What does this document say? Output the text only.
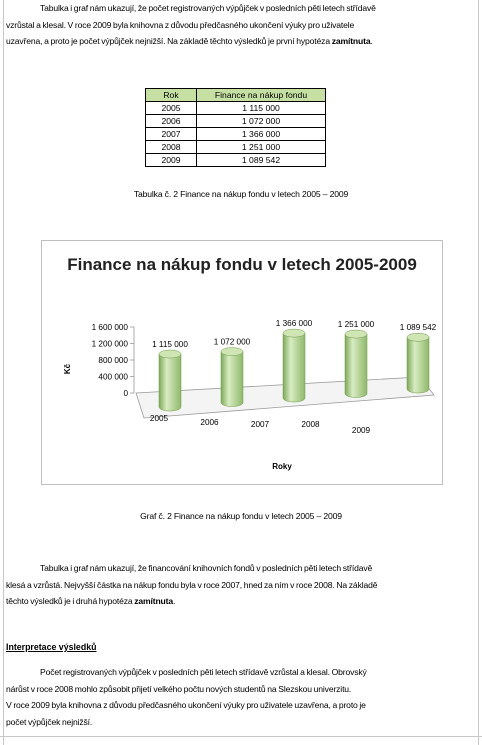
Tabulka i graf nám ukazují, že počet registrovaných výpůjček v posledních pěti letech střídavě
vzrůstal a klesal. V roce 2009 byla knihovna z důvodu předčasného ukončení výuky pro uživatele
uzavřena, a proto je počet výpůjček nejnižší. Na základě těchto výsledků je první hypotéza zamítnuta.
Rok	Finance na nákup fondu
2005	1 115 000
2006	1 072 000
2007	1 366 000
2008	1 251 000
2009	1 089 542
Tabulka č. 2 Finance na nákup fondu v letech 2005 – 2009
Finance na nákup fondu v letech 2005-2009
0
400 000
800 000
1 200 000
1 600 000
Kč
Roky
1 115 000
2005
1 072 000
2006
1 366 000
2007
1 251 000
2008
1 089 542
2009
Graf č. 2 Finance na nákup fondu v letech 2005 – 2009
Tabulka i graf nám ukazují, že financování knihovních fondů v posledních pěti letech střídavě
klesá a vzrůstá. Nejvyšší částka na nákup fondu byla v roce 2007, hned za ním v roce 2008. Na základě
těchto výsledků je i druhá hypotéza zamítnuta.
Interpretace výsledků
Počet registrovaných výpůjček v posledních pěti letech střídavě vzrůstal a klesal. Obrovský
nárůst v roce 2008 mohlo způsobit přijetí velkého počtu nových studentů na Slezskou univerzitu.
V roce 2009 byla knihovna z důvodu předčasného ukončení výuky pro uživatele uzavřena, a proto je
počet výpůjček nejnižší.
